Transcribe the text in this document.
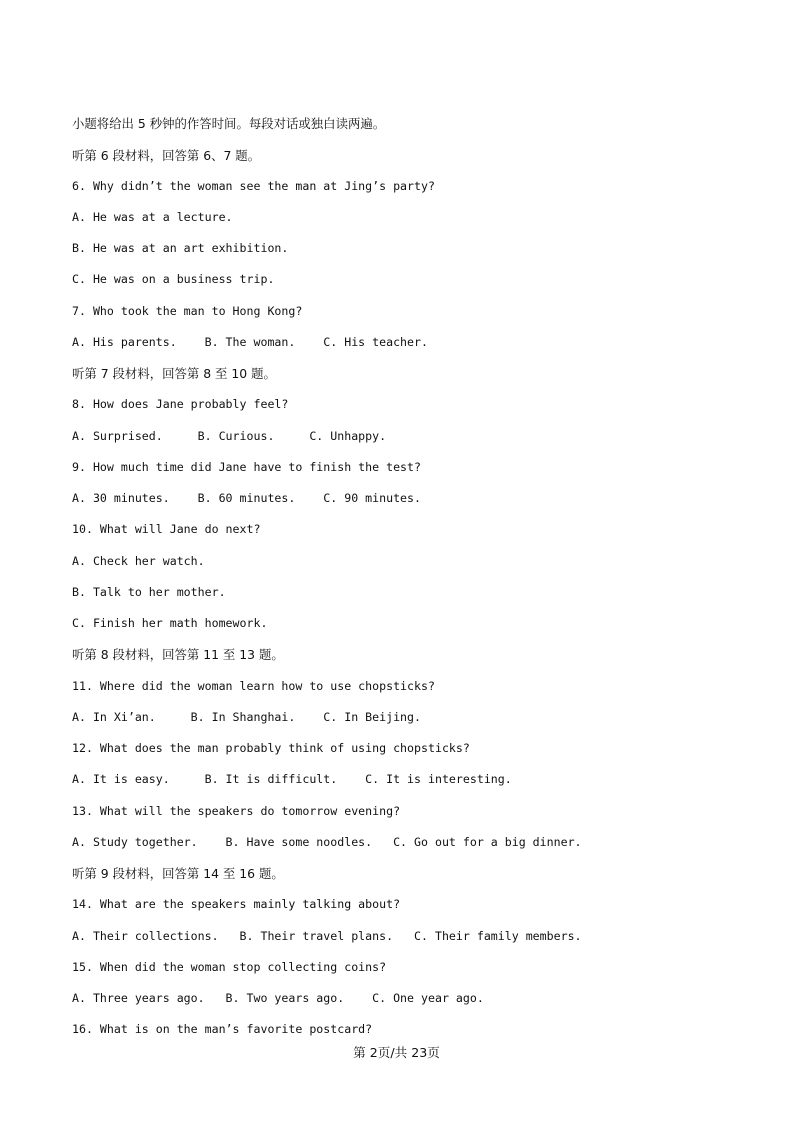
小题将给出 5 秒钟的作答时间。每段对话或独白读两遍。
听第 6 段材料，回答第 6、7 题。
6. Why didn’t the woman see the man at Jing’s party?
A. He was at a lecture.
B. He was at an art exhibition.
C. He was on a business trip.
7. Who took the man to Hong Kong?
A. His parents.    B. The woman.    C. His teacher.
听第 7 段材料，回答第 8 至 10 题。
8. How does Jane probably feel?
A. Surprised.     B. Curious.     C. Unhappy.
9. How much time did Jane have to finish the test?
A. 30 minutes.    B. 60 minutes.    C. 90 minutes.
10. What will Jane do next?
A. Check her watch.
B. Talk to her mother.
C. Finish her math homework.
听第 8 段材料，回答第 11 至 13 题。
11. Where did the woman learn how to use chopsticks?
A. In Xi’an.     B. In Shanghai.    C. In Beijing.
12. What does the man probably think of using chopsticks?
A. It is easy.     B. It is difficult.    C. It is interesting.
13. What will the speakers do tomorrow evening?
A. Study together.    B. Have some noodles.   C. Go out for a big dinner.
听第 9 段材料，回答第 14 至 16 题。
14. What are the speakers mainly talking about?
A. Their collections.   B. Their travel plans.   C. Their family members.
15. When did the woman stop collecting coins?
A. Three years ago.   B. Two years ago.    C. One year ago.
16. What is on the man’s favorite postcard?
第 2页/共 23页
